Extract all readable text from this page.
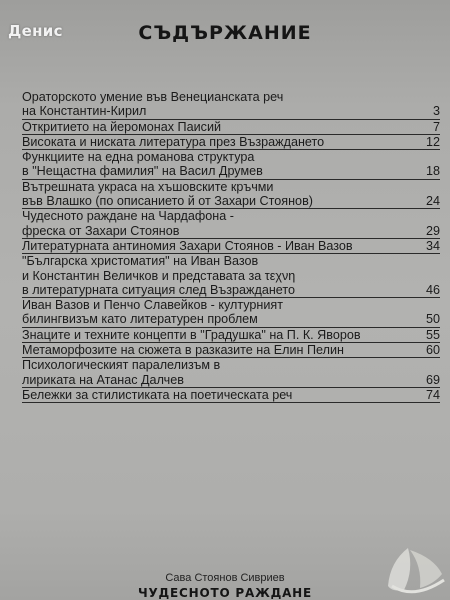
Денис	СЪДЪРЖАНИЕ
Ораторското умение във Венецианската реч
на Константин-Кирил	3
Откритието на йеромонах Паисий	7
Високата и ниската литература през Възраждането	12
Функциите на една романова структура
в "Нещастна фамилия" на Васил Друмев	18
Вътрешната украса на хъшовските кръчми
във Влашко (по описанието й от Захари Стоянов)	24
Чудесното раждане на Чардафона -
фреска от Захари Стоянов	29
Литературната антиномия Захари Стоянов - Иван Вазов	34
"Българска христоматия" на Иван Вазов
и Константин Величков и представата за τεχνη
в литературната ситуация след Възраждането	46
Иван Вазов и Пенчо Славейков - културният
билингвизъм като литературен проблем	50
Знаците и техните концепти в "Градушка" на П. К. Яворов	55
Метаморфозите на сюжета в разказите на Елин Пелин	60
Психологическият паралелизъм в
лириката на Атанас Далчев	69
Бележки за стилистиката на поетическата реч	74
Сава Стоянов Сивриев
ЧУДЕСНОТО РАЖДАНЕ
